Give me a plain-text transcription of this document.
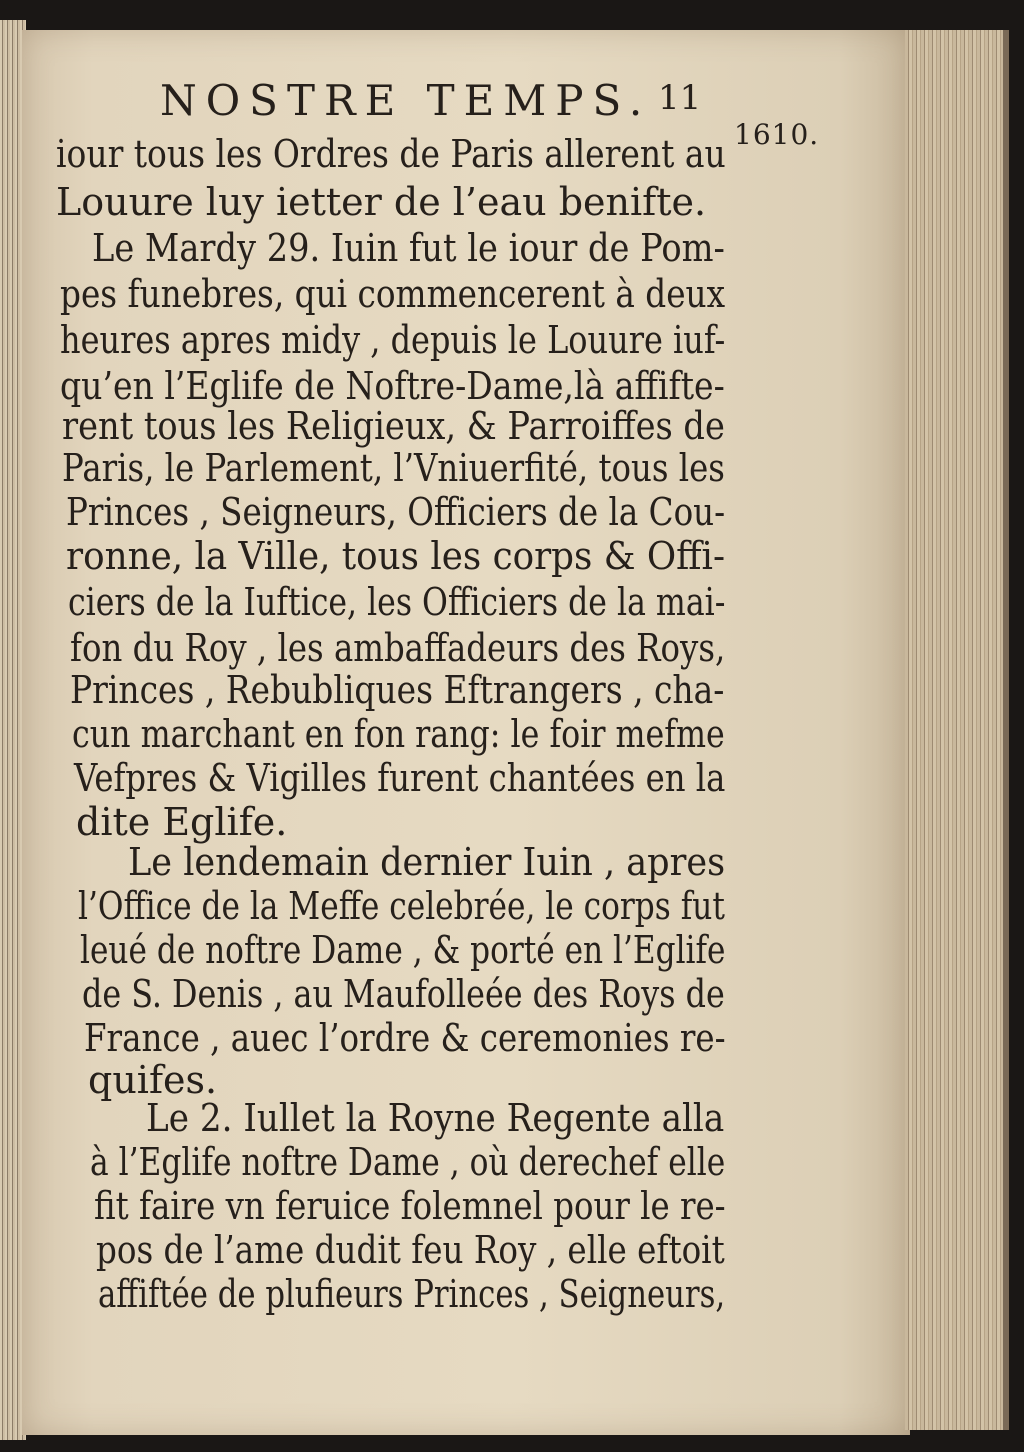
NOSTRE TEMPS. 11
1610.
iour tous les Ordres de Paris allerent au
Louure luy ietter de l’eau benifte.
Le Mardy 29. Iuin fut le iour de Pom-
pes funebres, qui commencerent à deux
heures apres midy , depuis le Louure iuf-
qu’en l’Eglife de Noftre-Dame,là affifte-
rent tous les Religieux, & Parroiffes de
Paris, le Parlement, l’Vniuerfité, tous les
Princes , Seigneurs, Officiers de la Cou-
ronne, la Ville, tous les corps & Offi-
ciers de la Iuftice, les Officiers de la mai-
fon du Roy , les ambaffadeurs des Roys,
Princes , Rebubliques Eftrangers , cha-
cun marchant en fon rang: le foir mefme
Vefpres & Vigilles furent chantées en la
dite Eglife.
Le lendemain dernier Iuin , apres
l’Office de la Meffe celebrée, le corps fut
leué de noftre Dame , & porté en l’Eglife
de S. Denis , au Maufolleée des Roys de
France , auec l’ordre & ceremonies re-
quifes.
Le 2. Iullet la Royne Regente alla
à l’Eglife noftre Dame , où derechef elle
fit faire vn feruice folemnel pour le re-
pos de l’ame dudit feu Roy , elle eftoit
affiftée de plufieurs Princes , Seigneurs,
